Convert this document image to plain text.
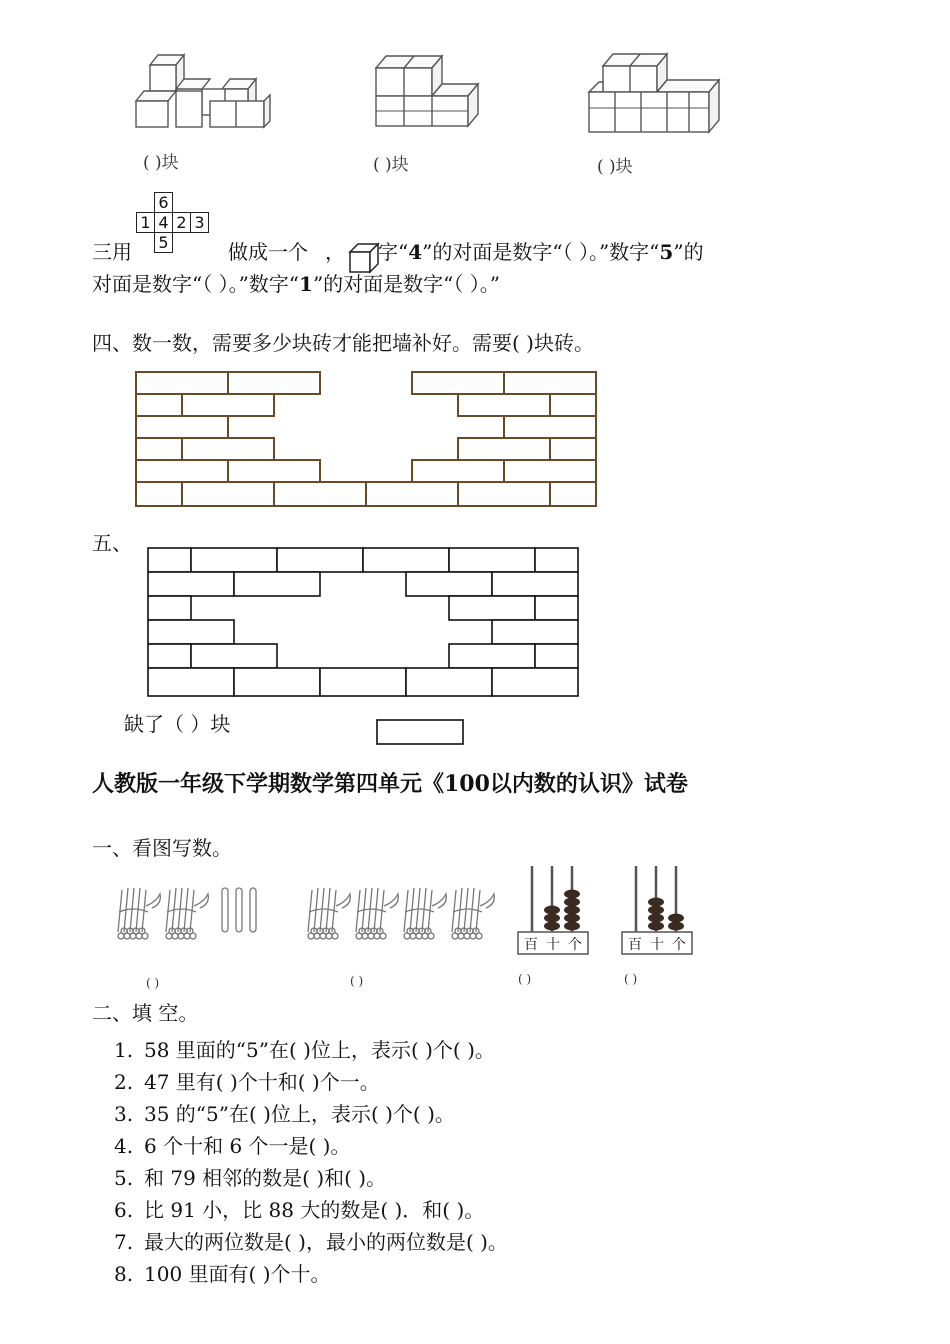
( )块	( )块	( )块
	6			
1	4	2	3	
	5			
三用	做成一个 ， 字“4”的对面是数字“（ ）。”数字“5”的
对面是数字“（ ）。”数字“1”的对面是数字“（ ）。”
四、数一数，需要多少块砖才能把墙补好。需要( )块砖。
五、
缺了（ ）块
人教版一年级下学期数学第四单元《100以内数的认识》试卷
一、看图写数。
( )	( )
百 十 个
( )
百 十 个
( )
二、填 空。
1. 58 里面的“5”在( )位上，表示( )个( )。
2. 47 里有( )个十和( )个一。
3. 35 的“5”在( )位上，表示( )个( )。
4. 6 个十和 6 个一是( )。
5. 和 79 相邻的数是( )和( )。
6. 比 91 小，比 88 大的数是( )．和( )。
7. 最大的两位数是( )，最小的两位数是( )。
8. 100 里面有( )个十。
